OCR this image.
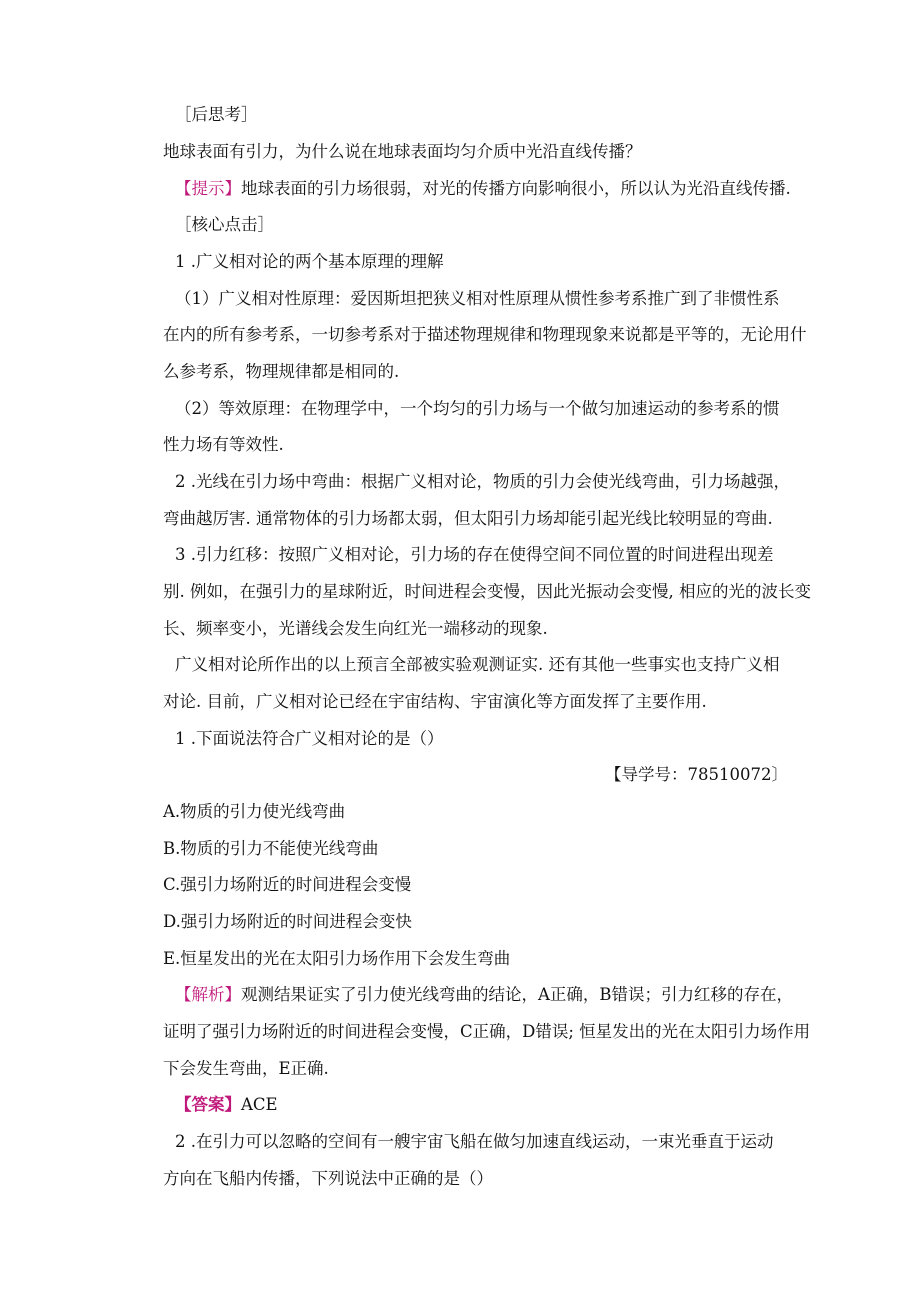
［后思考］
地球表面有引力，为什么说在地球表面均匀介质中光沿直线传播？
【提示】地球表面的引力场很弱，对光的传播方向影响很小，所以认为光沿直线传播.
［核心点击］
1 .广义相对论的两个基本原理的理解
（1）广义相对性原理：爱因斯坦把狭义相对性原理从惯性参考系推广到了非惯性系
在内的所有参考系，一切参考系对于描述物理规律和物理现象来说都是平等的，无论用什
么参考系，物理规律都是相同的.
（2）等效原理：在物理学中，一个均匀的引力场与一个做匀加速运动的参考系的惯
性力场有等效性.
2 .光线在引力场中弯曲：根据广义相对论，物质的引力会使光线弯曲，引力场越强，
弯曲越厉害. 通常物体的引力场都太弱，但太阳引力场却能引起光线比较明显的弯曲.
3 .引力红移：按照广义相对论，引力场的存在使得空间不同位置的时间进程出现差
别. 例如，在强引力的星球附近，时间进程会变慢，因此光振动会变慢, 相应的光的波长变
长、频率变小，光谱线会发生向红光一端移动的现象.
广义相对论所作出的以上预言全部被实验观测证实. 还有其他一些事实也支持广义相
对论. 目前，广义相对论已经在宇宙结构、宇宙演化等方面发挥了主要作用.
1 .下面说法符合广义相对论的是（）
【导学号：78510072〕
A.物质的引力使光线弯曲
B.物质的引力不能使光线弯曲
C.强引力场附近的时间进程会变慢
D.强引力场附近的时间进程会变快
E.恒星发出的光在太阳引力场作用下会发生弯曲
【解析】观测结果证实了引力使光线弯曲的结论，A正确，B错误；引力红移的存在，
证明了强引力场附近的时间进程会变慢，C正确，D错误; 恒星发出的光在太阳引力场作用
下会发生弯曲，E正确.
【答案】ACE
2 .在引力可以忽略的空间有一艘宇宙飞船在做匀加速直线运动，一束光垂直于运动
方向在飞船内传播，下列说法中正确的是（）
